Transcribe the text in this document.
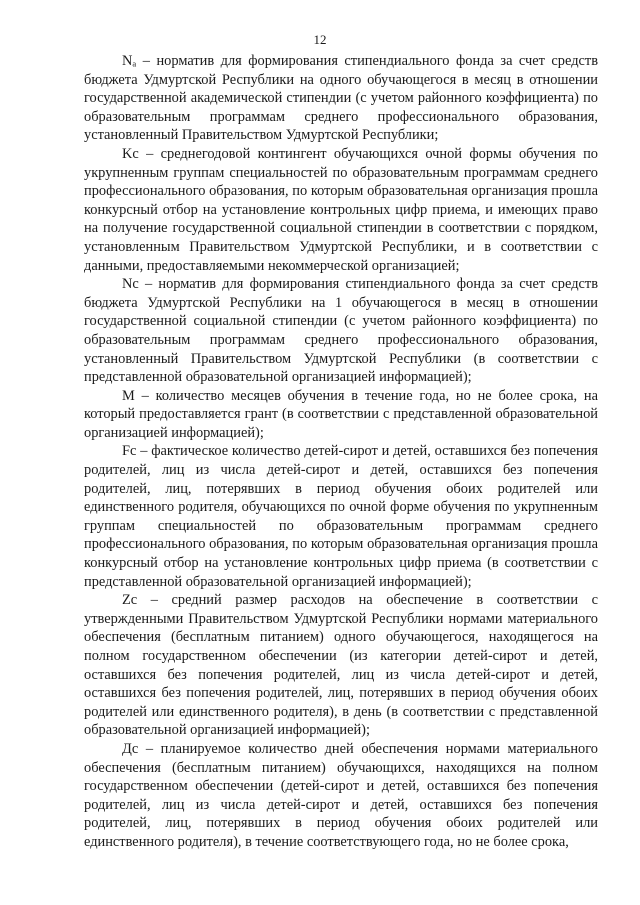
12

Nₐ – норматив для формирования стипендиального фонда за счет средств бюджета Удмуртской Республики на одного обучающегося в месяц в отношении государственной академической стипендии (с учетом районного коэффициента) по образовательным программам среднего профессионального образования, установленный Правительством Удмуртской Республики;

Kс – среднегодовой контингент обучающихся очной формы обучения по укрупненным группам специальностей по образовательным программам среднего профессионального образования, по которым образовательная организация прошла конкурсный отбор на установление контрольных цифр приема, и имеющих право на получение государственной социальной стипендии в соответствии с порядком, установленным Правительством Удмуртской Республики, и в соответствии с данными, предоставляемыми некоммерческой организацией;

Nс – норматив для формирования стипендиального фонда за счет средств бюджета Удмуртской Республики на 1 обучающегося в месяц в отношении государственной социальной стипендии (с учетом районного коэффициента) по образовательным программам среднего профессионального образования, установленный Правительством Удмуртской Республики (в соответствии с представленной образовательной организацией информацией);

M – количество месяцев обучения в течение года, но не более срока, на который предоставляется грант (в соответствии с представленной образовательной организацией информацией);

Fс – фактическое количество детей-сирот и детей, оставшихся без попечения родителей, лиц из числа детей-сирот и детей, оставшихся без попечения родителей, лиц, потерявших в период обучения обоих родителей или единственного родителя, обучающихся по очной форме обучения по укрупненным группам специальностей по образовательным программам среднего профессионального образования, по которым образовательная организация прошла конкурсный отбор на установление контрольных цифр приема (в соответствии с представленной образовательной организацией информацией);

Zс – средний размер расходов на обеспечение в соответствии с утвержденными Правительством Удмуртской Республики нормами материального обеспечения (бесплатным питанием) одного обучающегося, находящегося на полном государственном обеспечении (из категории детей-сирот и детей, оставшихся без попечения родителей, лиц из числа детей-сирот и детей, оставшихся без попечения родителей, лиц, потерявших в период обучения обоих родителей или единственного родителя), в день (в соответствии с представленной образовательной организацией информацией);

Дс – планируемое количество дней обеспечения нормами материального обеспечения (бесплатным питанием) обучающихся, находящихся на полном государственном обеспечении (детей-сирот и детей, оставшихся без попечения родителей, лиц из числа детей-сирот и детей, оставшихся без попечения родителей, лиц, потерявших в период обучения обоих родителей или единственного родителя), в течение соответствующего года, но не более срока,
